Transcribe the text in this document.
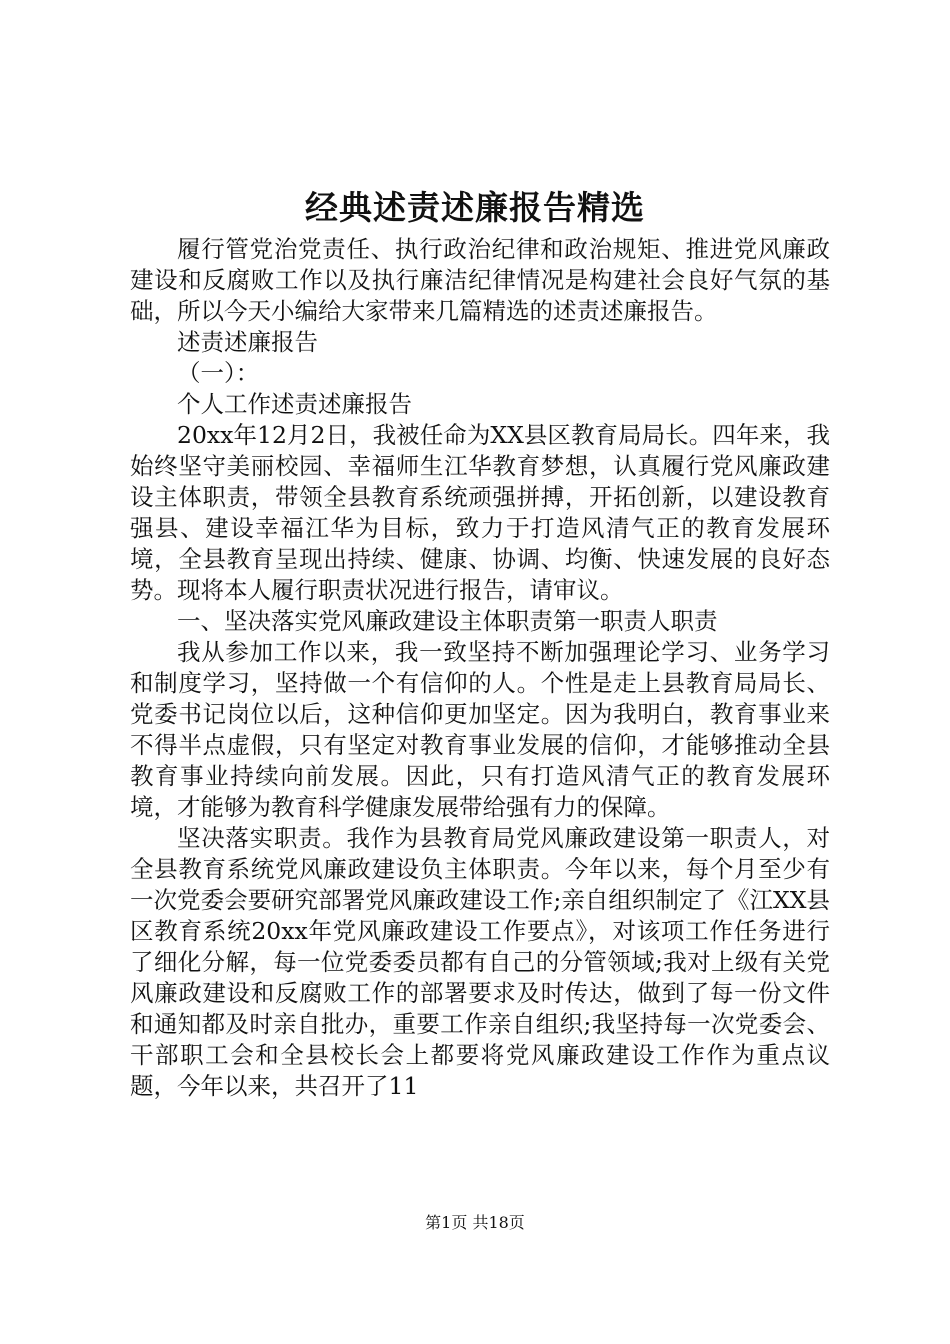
经典述责述廉报告精选

履行管党治党责任、执行政治纪律和政治规矩、推进党风廉政建设和反腐败工作以及执行廉洁纪律情况是构建社会良好气氛的基础，所以今天小编给大家带来几篇精选的述责述廉报告。

述责述廉报告

（一）：

个人工作述责述廉报告

20xx年12月2日，我被任命为XX县区教育局局长。四年来，我始终坚守美丽校园、幸福师生江华教育梦想，认真履行党风廉政建设主体职责，带领全县教育系统顽强拼搏，开拓创新，以建设教育强县、建设幸福江华为目标，致力于打造风清气正的教育发展环境，全县教育呈现出持续、健康、协调、均衡、快速发展的良好态势。现将本人履行职责状况进行报告，请审议。

一、坚决落实党风廉政建设主体职责第一职责人职责

我从参加工作以来，我一致坚持不断加强理论学习、业务学习和制度学习，坚持做一个有信仰的人。个性是走上县教育局局长、党委书记岗位以后，这种信仰更加坚定。因为我明白，教育事业来不得半点虚假，只有坚定对教育事业发展的信仰，才能够推动全县教育事业持续向前发展。因此，只有打造风清气正的教育发展环境，才能够为教育科学健康发展带给强有力的保障。

坚决落实职责。我作为县教育局党风廉政建设第一职责人，对全县教育系统党风廉政建设负主体职责。今年以来，每个月至少有一次党委会要研究部署党风廉政建设工作;亲自组织制定了《江XX县区教育系统20xx年党风廉政建设工作要点》，对该项工作任务进行了细化分解，每一位党委委员都有自己的分管领域;我对上级有关党风廉政建设和反腐败工作的部署要求及时传达，做到了每一份文件和通知都及时亲自批办，重要工作亲自组织;我坚持每一次党委会、干部职工会和全县校长会上都要将党风廉政建设工作作为重点议题，今年以来，共召开了11

第1页 共18页
